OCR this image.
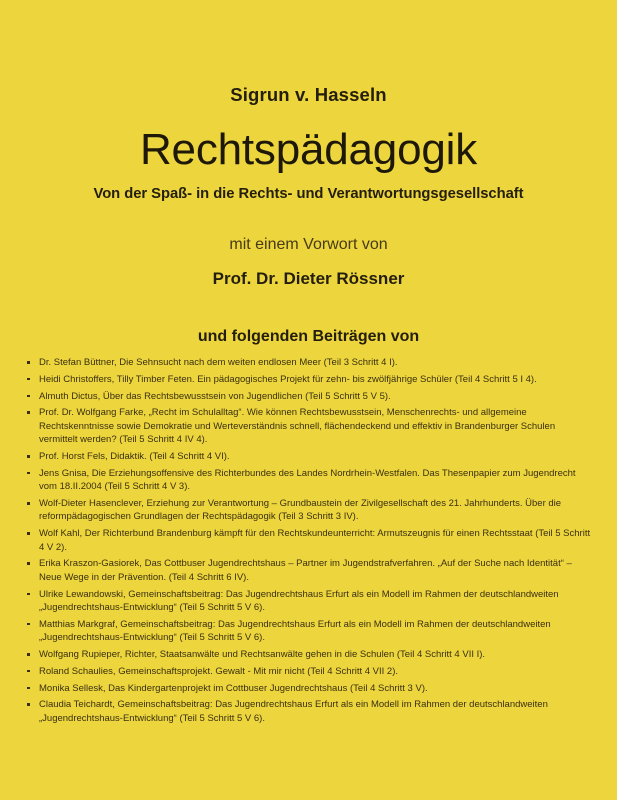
Sigrun v. Hasseln
Rechtspädagogik
Von der Spaß- in die Rechts- und Verantwortungsgesellschaft
mit einem Vorwort von
Prof. Dr. Dieter Rössner
und folgenden Beiträgen von
Dr. Stefan Büttner, Die Sehnsucht nach dem weiten endlosen Meer (Teil 3 Schritt 4 I).
Heidi Christoffers, Tilly Timber Feten. Ein pädagogisches Projekt für zehn- bis zwölfjährige Schüler (Teil 4 Schritt 5 I 4).
Almuth Dictus, Über das Rechtsbewusstsein von Jugendlichen (Teil 5 Schritt 5 V 5).
Prof. Dr. Wolfgang Farke, „Recht im Schulalltag“. Wie können Rechtsbewusstsein, Menschenrechts- und allgemeine Rechtskenntnisse sowie Demokratie und Werteverständnis schnell, flächendeckend und effektiv in Brandenburger Schulen vermittelt werden? (Teil 5 Schritt 4 IV 4).
Prof. Horst Fels, Didaktik. (Teil 4 Schritt 4 VI).
Jens Gnisa, Die Erziehungsoffensive des Richterbundes des Landes Nordrhein-Westfalen. Das Thesenpapier zum Jugendrecht vom 18.II.2004 (Teil 5 Schritt 4 V 3).
Wolf-Dieter Hasenclever, Erziehung zur Verantwortung – Grundbaustein der Zivilgesellschaft des 21. Jahrhunderts. Über die reformpädagogischen Grundlagen der Rechtspädagogik (Teil 3 Schritt 3 IV).
Wolf Kahl, Der Richterbund Brandenburg kämpft für den Rechtskundeunterricht: Armutszeugnis für einen Rechtsstaat (Teil 5 Schritt 4 V 2).
Erika Kraszon-Gasiorek, Das Cottbuser Jugendrechtshaus – Partner im Jugendstrafverfahren. „Auf der Suche nach Identität“ – Neue Wege in der Prävention. (Teil 4 Schritt 6 IV).
Ulrike Lewandowski, Gemeinschaftsbeitrag: Das Jugendrechtshaus Erfurt als ein Modell im Rahmen der deutschlandweiten „Jugendrechtshaus-Entwicklung“ (Teil 5 Schritt 5 V 6).
Matthias Markgraf, Gemeinschaftsbeitrag: Das Jugendrechtshaus Erfurt als ein Modell im Rahmen der deutschlandweiten „Jugendrechtshaus-Entwicklung“ (Teil 5 Schritt 5 V 6).
Wolfgang Rupieper, Richter, Staatsanwälte und Rechtsanwälte gehen in die Schulen (Teil 4 Schritt 4 VII I).
Roland Schaulies, Gemeinschaftsprojekt. Gewalt - Mit mir nicht (Teil 4 Schritt 4 VII 2).
Monika Sellesk, Das Kindergartenprojekt im Cottbuser Jugendrechtshaus (Teil 4 Schritt 3 V).
Claudia Teichardt, Gemeinschaftsbeitrag: Das Jugendrechtshaus Erfurt als ein Modell im Rahmen der deutschlandweiten „Jugendrechtshaus-Entwicklung“ (Teil 5 Schritt 5 V 6).
